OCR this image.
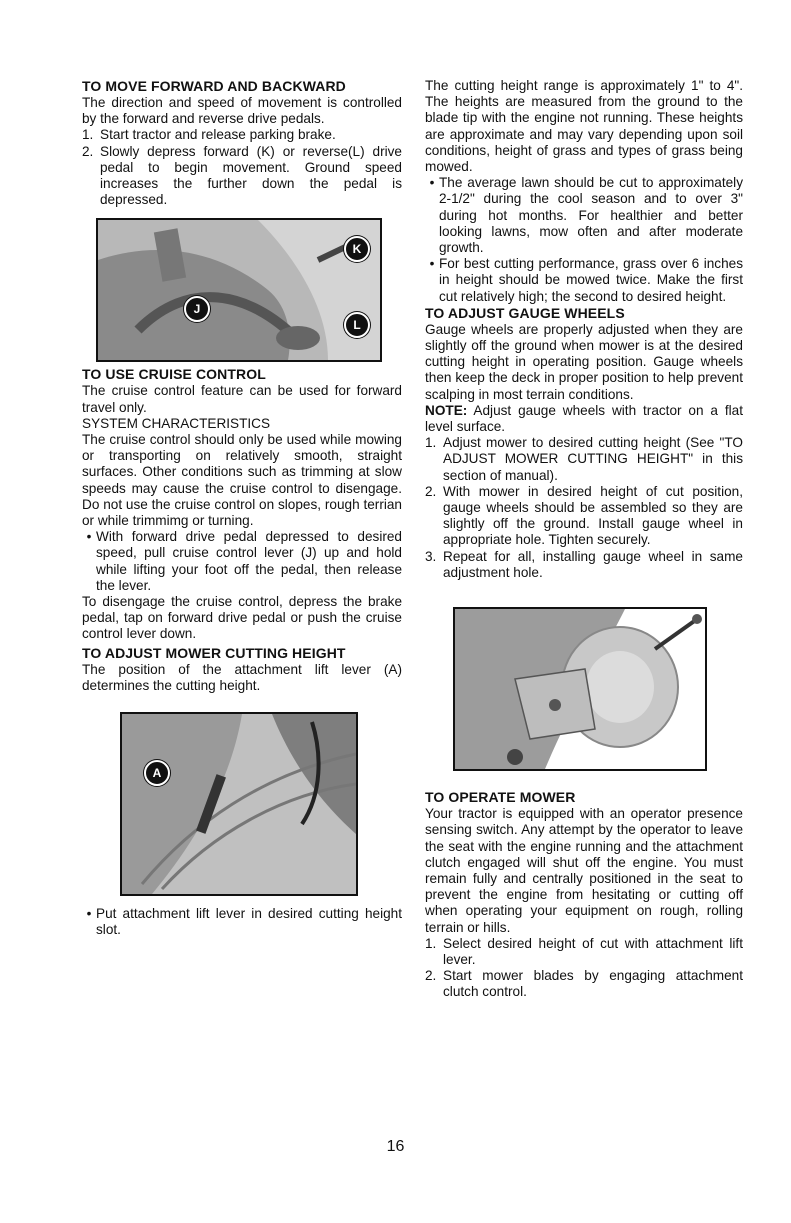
TO MOVE FORWARD AND BACKWARD

The direction and speed of movement is controlled by the forward and reverse drive pedals.

1. Start tractor and release parking brake.
2. Slowly depress forward (K) or reverse(L) drive pedal to begin movement. Ground speed increases the further down the pedal is depressed.
J
K
L
TO USE CRUISE CONTROL

The cruise control feature can be used for forward travel only.

SYSTEM CHARACTERISTICS

The cruise control should only be used while mowing or transporting on relatively smooth, straight surfaces. Other conditions such as trimming at slow speeds may cause the cruise control to disengage. Do not use the cruise control on slopes, rough terrian or while trimmimg or turning.

• With forward drive pedal depressed to desired speed, pull cruise control lever (J) up and hold while lifting your foot off the pedal, then release the lever.

To disengage the cruise control, depress the brake pedal, tap on forward drive pedal or push the cruise control lever down.

TO ADJUST MOWER CUTTING HEIGHT

The position of the attachment lift lever (A) determines the cutting height.

A
• Put attachment lift lever in desired cutting height slot.

The cutting height range is approximately 1" to 4". The heights are measured from the ground to the blade tip with the engine not running. These heights are approximate and may vary depending upon soil conditions, height of grass and types of grass being mowed.

• The average lawn should be cut to approximately 2-1/2" during the cool season and to over 3" during hot months. For healthier and better looking lawns, mow often and after moderate growth.
• For best cutting performance, grass over 6 inches in height should be mowed twice. Make the first cut relatively high; the second to desired height.
TO ADJUST GAUGE WHEELS

Gauge wheels are properly adjusted when they are slightly off the ground when mower is at the desired cutting height in operating position. Gauge wheels then keep the deck in proper position to help prevent scalping in most terrain conditions.

NOTE: Adjust gauge wheels with tractor on a flat level surface.

1. Adjust mower to desired cutting height (See "TO ADJUST MOWER CUTTING HEIGHT" in this section of manual).
2. With mower in desired height of cut position, gauge wheels should be assembled so they are slightly off the ground. Install gauge wheel in appropriate hole. Tighten securely.
3. Repeat for all, installing gauge wheel in same adjustment hole.
TO OPERATE MOWER

Your tractor is equipped with an operator presence sensing switch. Any attempt by the operator to leave the seat with the engine running and the attachment clutch engaged will shut off the engine. You must remain fully and centrally positioned in the seat to prevent the engine from hesitating or cutting off when operating your equipment on rough, rolling terrain or hills.

1. Select desired height of cut with attachment lift lever.
2. Start mower blades by engaging attachment clutch control.
16
